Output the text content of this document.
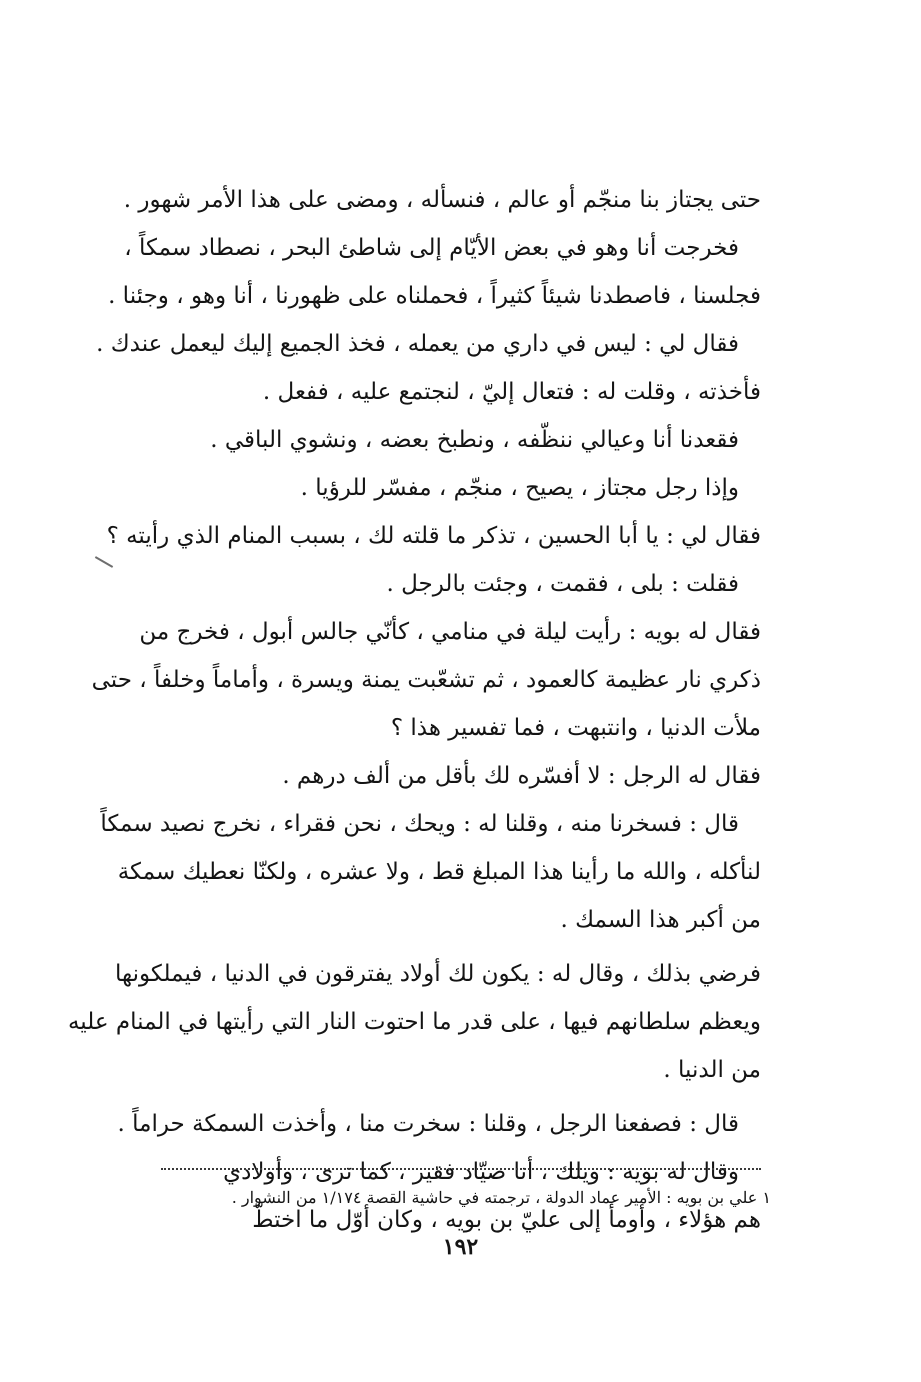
حتى يجتاز بنا منجّم أو عالم ، فنسأله ، ومضى على هذا الأمر شهور .
فخرجت أنا وهو في بعض الأيّام إلى شاطئ البحر ، نصطاد سمكاً ،
فجلسنا ، فاصطدنا شيئاً كثيراً ، فحملناه على ظهورنا ، أنا وهو ، وجئنا .
فقال لي : ليس في داري من يعمله ، فخذ الجميع إليك ليعمل عندك .
فأخذته ، وقلت له : فتعال إليّ ، لنجتمع عليه ، ففعل .
فقعدنا أنا وعيالي ننظّفه ، ونطبخ بعضه ، ونشوي الباقي .
وإذا رجل مجتاز ، يصيح ، منجّم ، مفسّر للرؤيا .
فقال لي : يا أبا الحسين ، تذكر ما قلته لك ، بسبب المنام الذي رأيته ؟
فقلت : بلى ، فقمت ، وجئت بالرجل .
فقال له بويه : رأيت ليلة في منامي ، كأنّي جالس أبول ، فخرج من
ذكري نار عظيمة كالعمود ، ثم تشعّبت يمنة ويسرة ، وأماماً وخلفاً ، حتى
ملأت الدنيا ، وانتبهت ، فما تفسير هذا ؟
فقال له الرجل : لا أفسّره لك بأقل من ألف درهم .
قال : فسخرنا منه ، وقلنا له : ويحك ، نحن فقراء ، نخرج نصيد سمكاً
لنأكله ، والله ما رأينا هذا المبلغ قط ، ولا عشره ، ولكنّا نعطيك سمكة
من أكبر هذا السمك .
فرضي بذلك ، وقال له : يكون لك أولاد يفترقون في الدنيا ، فيملكونها
ويعظم سلطانهم فيها ، على قدر ما احتوت النار التي رأيتها في المنام عليه
من الدنيا .
قال : فصفعنا الرجل ، وقلنا : سخرت منا ، وأخذت السمكة حراماً .
وقال له بويه : ويلك ، أنا صيّاد فقير ، كما ترى ، وأولادي
هم هؤلاء ، وأومأ إلى عليّ بن بويه ، وكان أوّل ما اختطّ
١ علي بن بويه : الأمير عماد الدولة ، ترجمته في حاشية القصة ١/١٧٤ من النشوار .
١٩٢
